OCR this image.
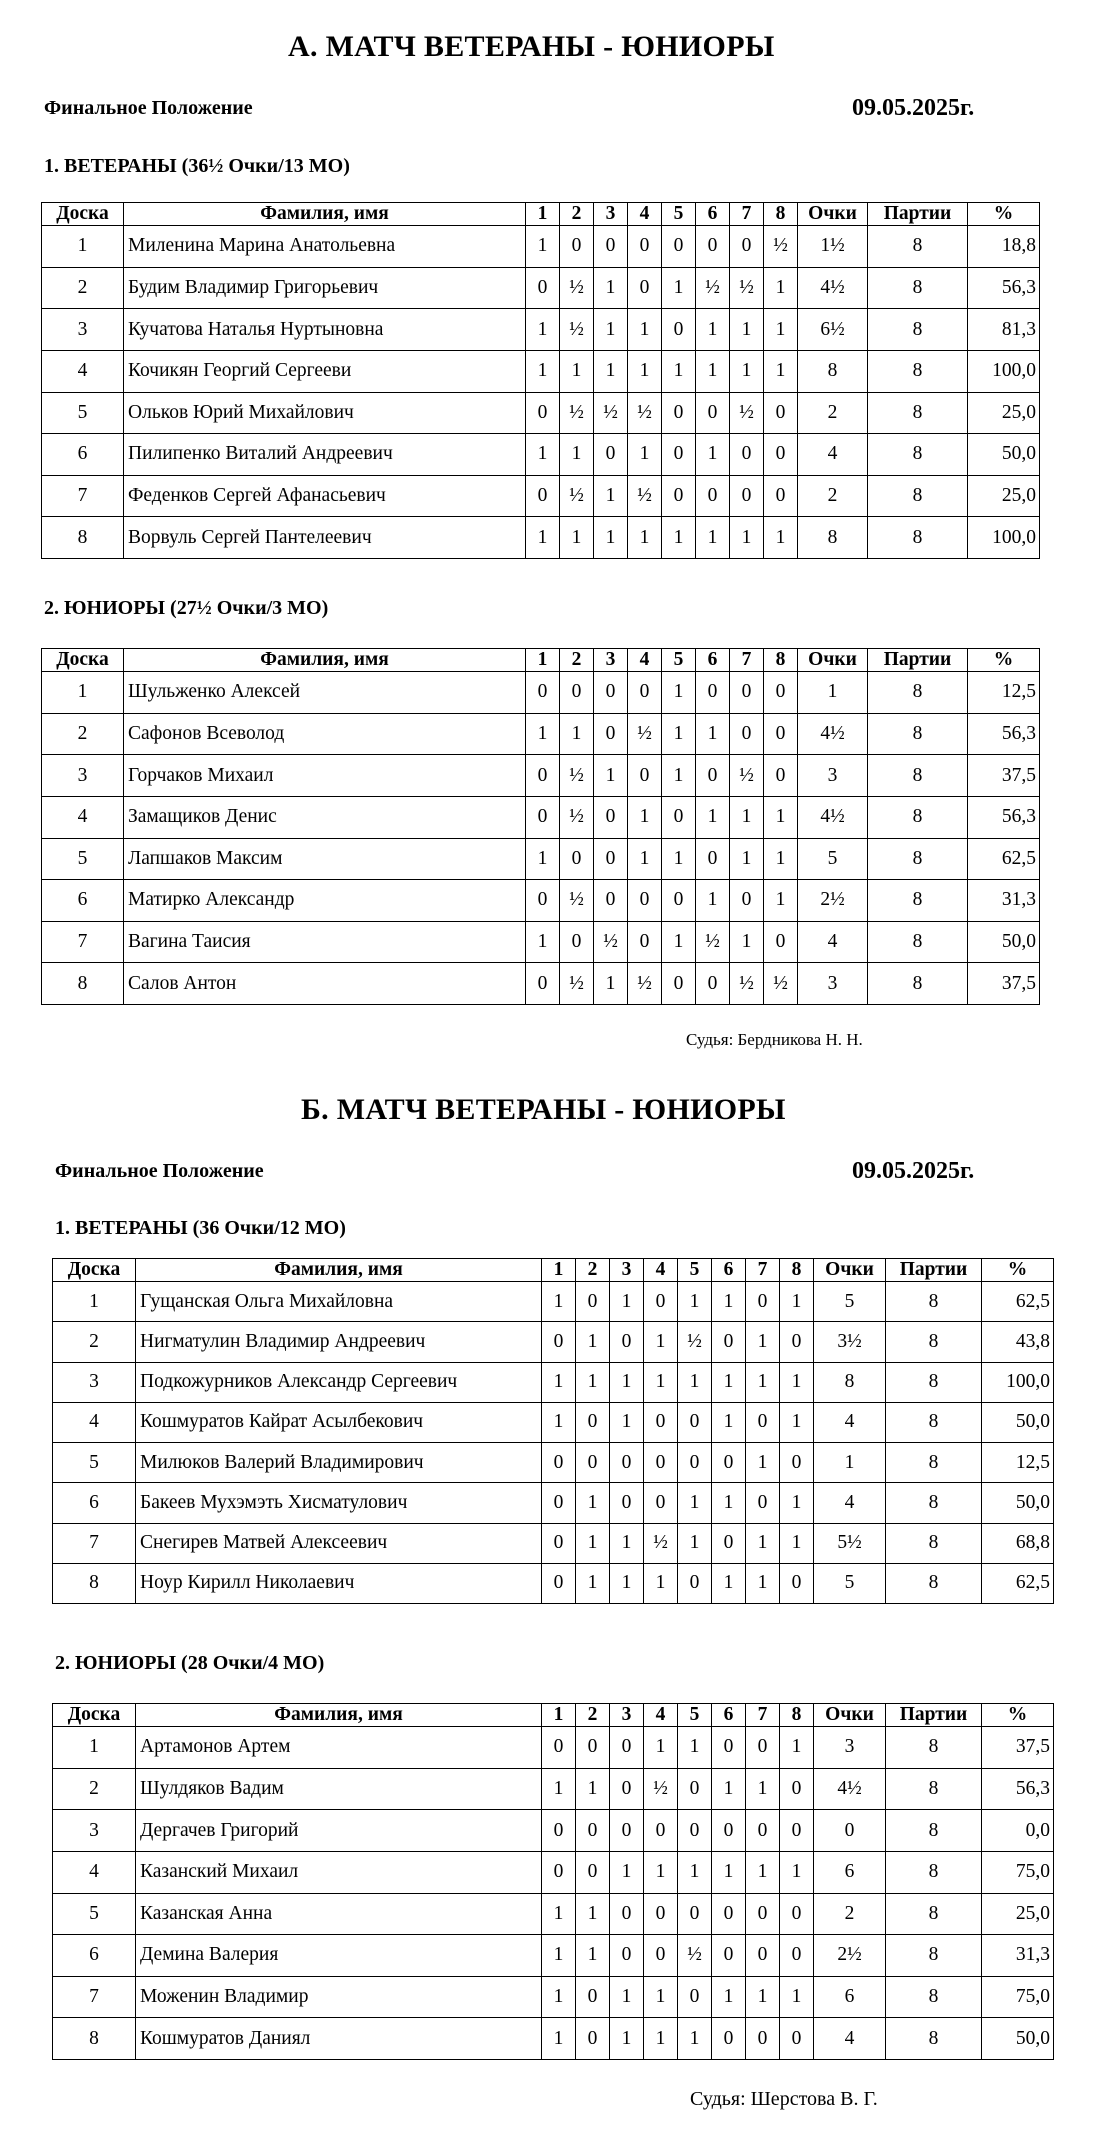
А. МАТЧ ВЕТЕРАНЫ - ЮНИОРЫ
Финальное Положение	09.05.2025г.
1. ВЕТЕРАНЫ (36½ Очки/13 МО)
Доска	Фамилия, имя	1	2	3	4	5	6	7	8	Очки	Партии	%
1	Миленина Марина Анатольевна	1	0	0	0	0	0	0	½	1½	8	18,8
2	Будим Владимир Григорьевич	0	½	1	0	1	½	½	1	4½	8	56,3
3	Кучатова Наталья Нуртыновна	1	½	1	1	0	1	1	1	6½	8	81,3
4	Кочикян Георгий Сергееви	1	1	1	1	1	1	1	1	8	8	100,0
5	Ольков Юрий Михайлович	0	½	½	½	0	0	½	0	2	8	25,0
6	Пилипенко Виталий Андреевич	1	1	0	1	0	1	0	0	4	8	50,0
7	Феденков Сергей Афанасьевич	0	½	1	½	0	0	0	0	2	8	25,0
8	Ворвуль Сергей Пантелеевич	1	1	1	1	1	1	1	1	8	8	100,0
2. ЮНИОРЫ (27½ Очки/3 МО)
Доска	Фамилия, имя	1	2	3	4	5	6	7	8	Очки	Партии	%
1	Шульженко Алексей	0	0	0	0	1	0	0	0	1	8	12,5
2	Сафонов Всеволод	1	1	0	½	1	1	0	0	4½	8	56,3
3	Горчаков Михаил	0	½	1	0	1	0	½	0	3	8	37,5
4	Замащиков Денис	0	½	0	1	0	1	1	1	4½	8	56,3
5	Лапшаков Максим	1	0	0	1	1	0	1	1	5	8	62,5
6	Матирко Александр	0	½	0	0	0	1	0	1	2½	8	31,3
7	Вагина Таисия	1	0	½	0	1	½	1	0	4	8	50,0
8	Салов Антон	0	½	1	½	0	0	½	½	3	8	37,5
Судья: Бердникова Н. Н.
Б. МАТЧ ВЕТЕРАНЫ - ЮНИОРЫ
Финальное Положение	09.05.2025г.
1. ВЕТЕРАНЫ (36 Очки/12 МО)
Доска	Фамилия, имя	1	2	3	4	5	6	7	8	Очки	Партии	%
1	Гущанская Ольга Михайловна	1	0	1	0	1	1	0	1	5	8	62,5
2	Нигматулин Владимир Андреевич	0	1	0	1	½	0	1	0	3½	8	43,8
3	Подкожурников Александр Сергеевич	1	1	1	1	1	1	1	1	8	8	100,0
4	Кошмуратов Кайрат Асылбекович	1	0	1	0	0	1	0	1	4	8	50,0
5	Милюков Валерий Владимирович	0	0	0	0	0	0	1	0	1	8	12,5
6	Бакеев Мухэмэть Хисматулович	0	1	0	0	1	1	0	1	4	8	50,0
7	Снегирев Матвей Алексеевич	0	1	1	½	1	0	1	1	5½	8	68,8
8	Ноур Кирилл Николаевич	0	1	1	1	0	1	1	0	5	8	62,5
2. ЮНИОРЫ (28 Очки/4 МО)
Доска	Фамилия, имя	1	2	3	4	5	6	7	8	Очки	Партии	%
1	Артамонов Артем	0	0	0	1	1	0	0	1	3	8	37,5
2	Шулдяков Вадим	1	1	0	½	0	1	1	0	4½	8	56,3
3	Дергачев Григорий	0	0	0	0	0	0	0	0	0	8	0,0
4	Казанский Михаил	0	0	1	1	1	1	1	1	6	8	75,0
5	Казанская Анна	1	1	0	0	0	0	0	0	2	8	25,0
6	Демина Валерия	1	1	0	0	½	0	0	0	2½	8	31,3
7	Моженин Владимир	1	0	1	1	0	1	1	1	6	8	75,0
8	Кошмуратов Даниял	1	0	1	1	1	0	0	0	4	8	50,0
Судья: Шерстова В. Г.
